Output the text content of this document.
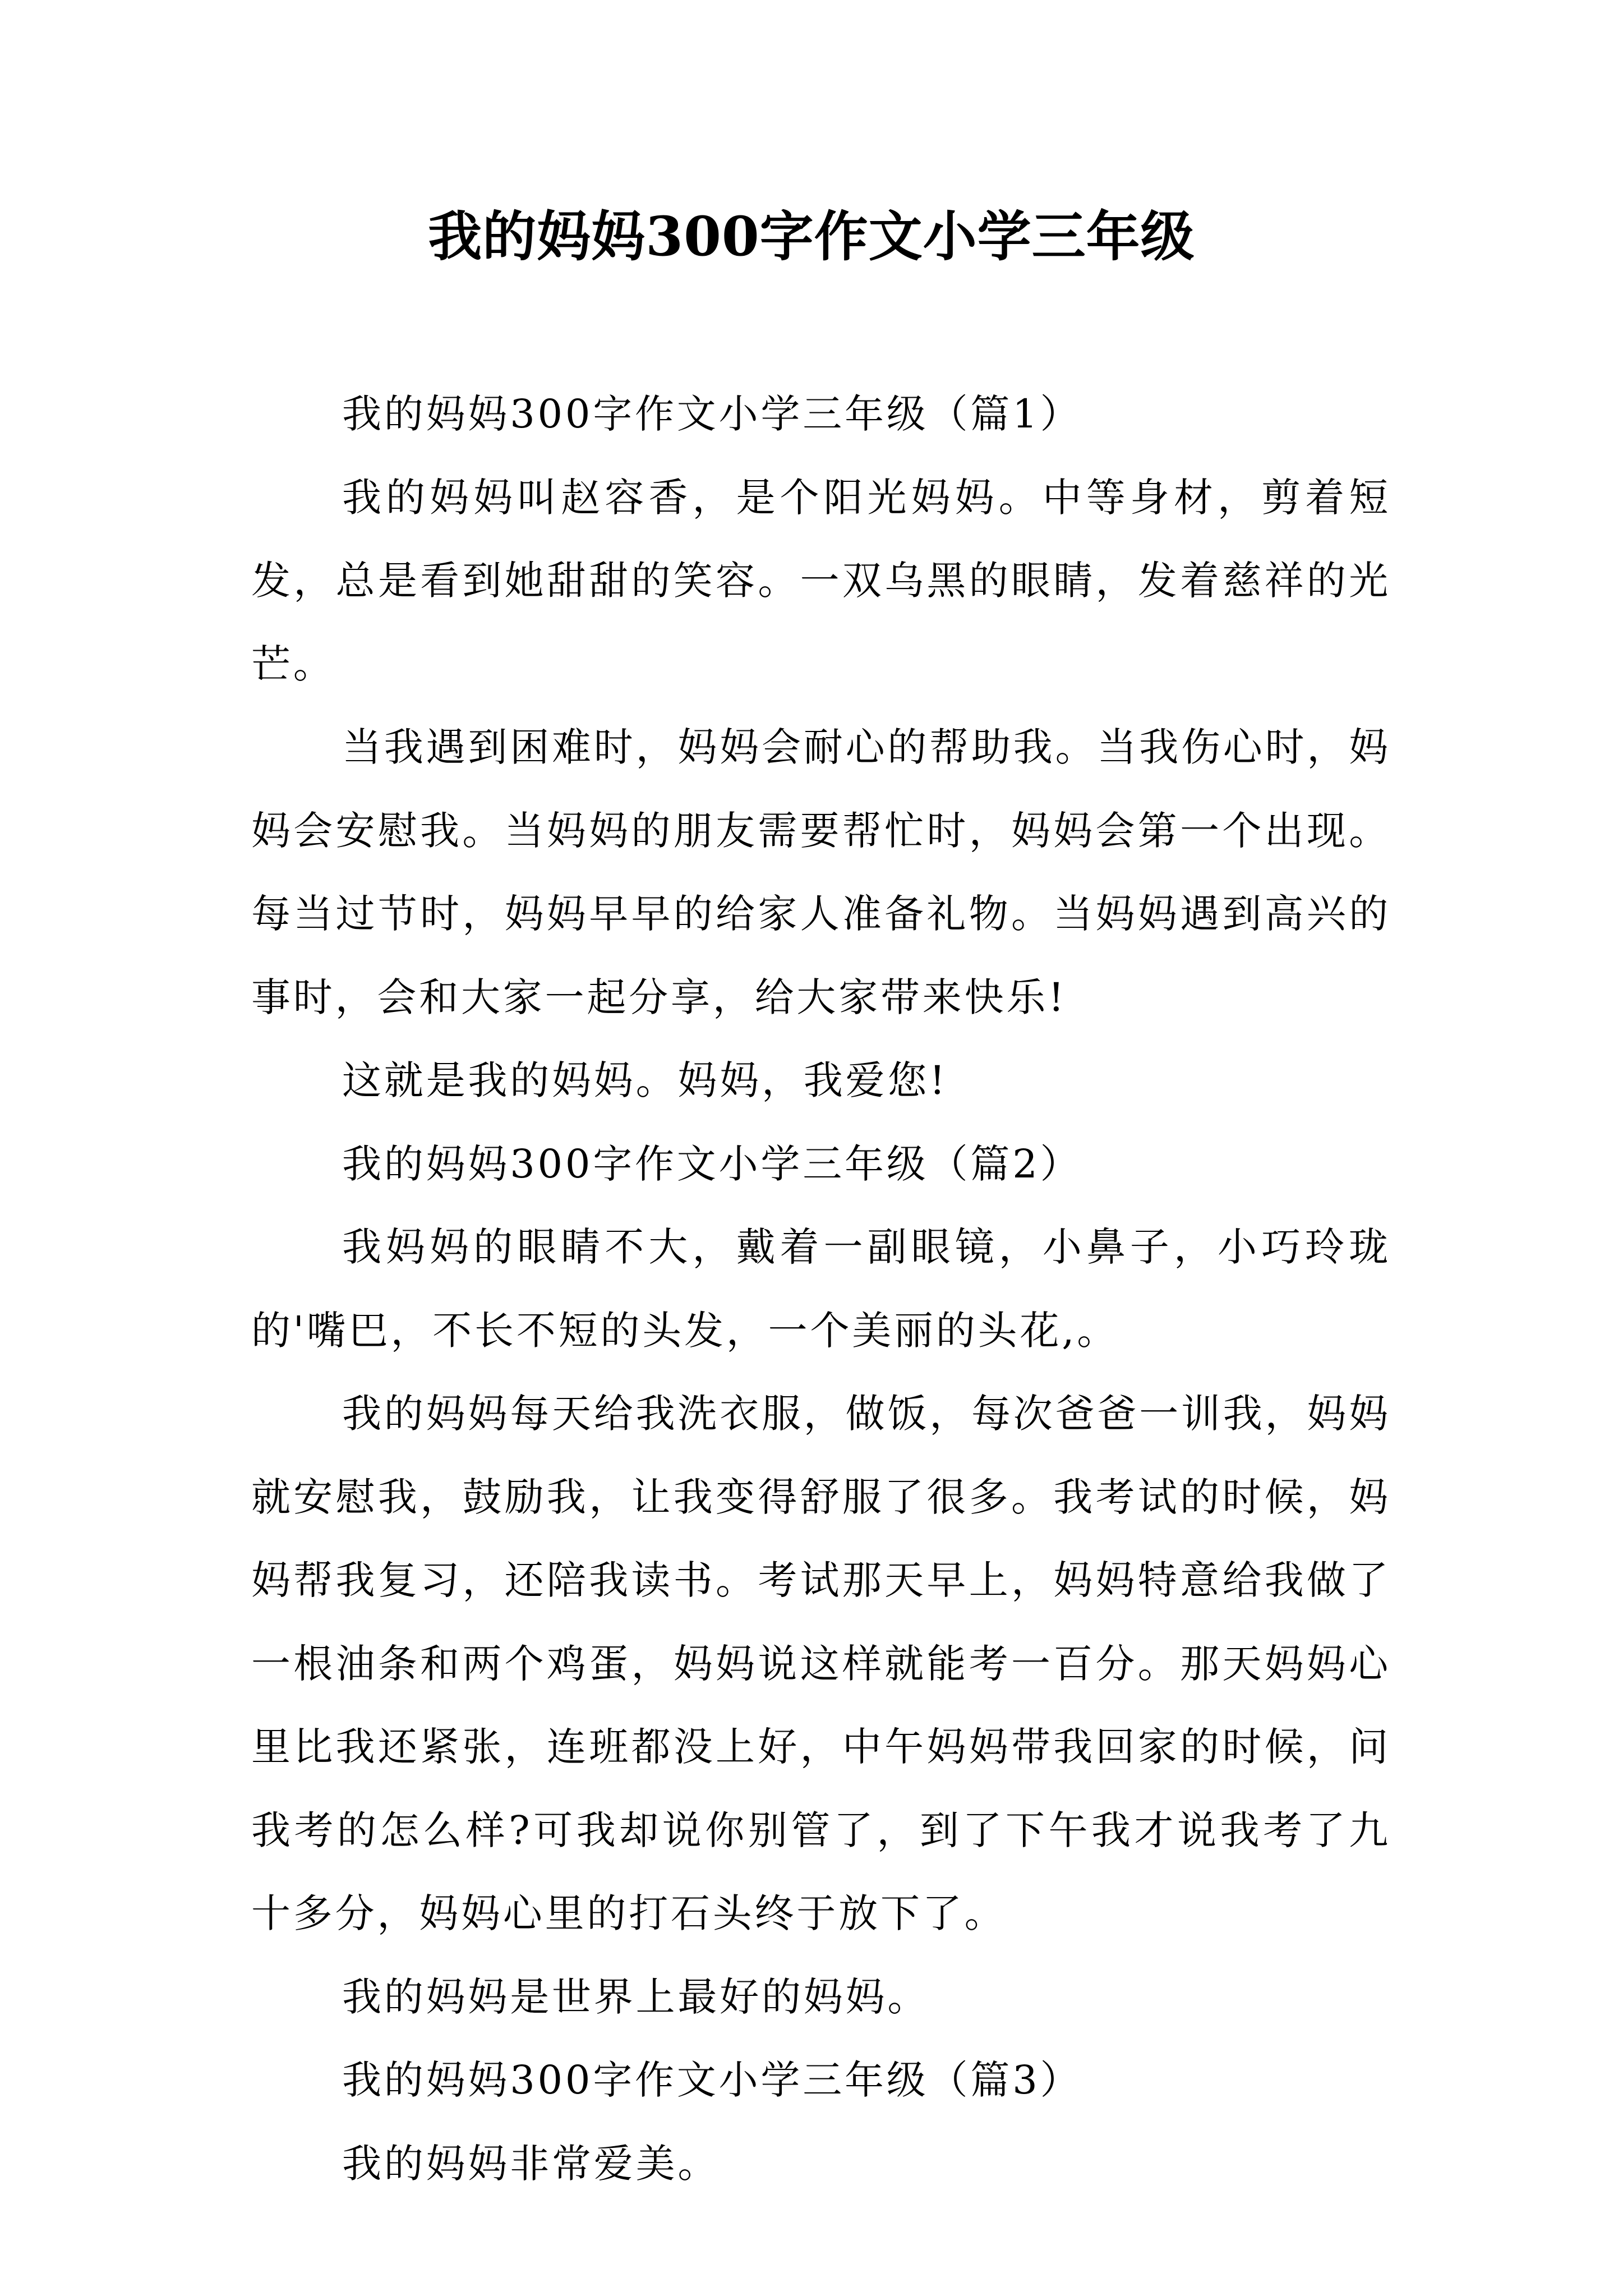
我的妈妈300字作文小学三年级

我的妈妈300字作文小学三年级（篇1）

我的妈妈叫赵容香，是个阳光妈妈。中等身材，剪着短发，总是看到她甜甜的笑容。一双乌黑的眼睛，发着慈祥的光芒。

当我遇到困难时，妈妈会耐心的帮助我。当我伤心时，妈妈会安慰我。当妈妈的朋友需要帮忙时，妈妈会第一个出现。每当过节时，妈妈早早的给家人准备礼物。当妈妈遇到高兴的事时，会和大家一起分享，给大家带来快乐!

这就是我的妈妈。妈妈，我爱您!

我的妈妈300字作文小学三年级（篇2）

我妈妈的眼睛不大，戴着一副眼镜，小鼻子，小巧玲珑的'嘴巴，不长不短的头发，一个美丽的头花,。

我的妈妈每天给我洗衣服，做饭，每次爸爸一训我，妈妈就安慰我，鼓励我，让我变得舒服了很多。我考试的时候，妈妈帮我复习，还陪我读书。考试那天早上，妈妈特意给我做了一根油条和两个鸡蛋，妈妈说这样就能考一百分。那天妈妈心里比我还紧张，连班都没上好，中午妈妈带我回家的时候，问我考的怎么样?可我却说你别管了，到了下午我才说我考了九十多分，妈妈心里的打石头终于放下了。

我的妈妈是世界上最好的妈妈。

我的妈妈300字作文小学三年级（篇3）

我的妈妈非常爱美。
